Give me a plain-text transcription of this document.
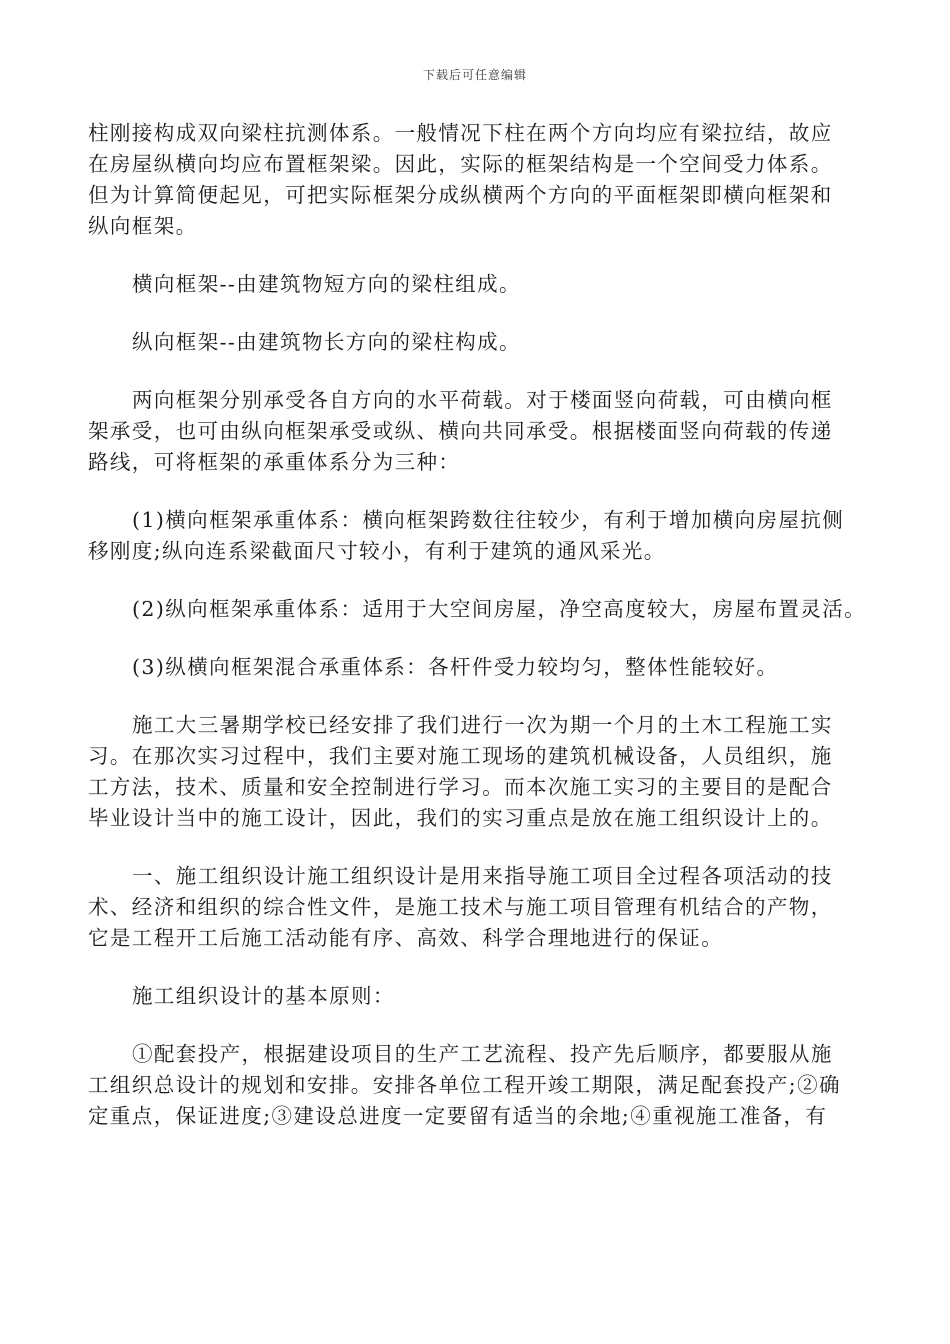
下载后可任意编辑
柱刚接构成双向梁柱抗测体系。一般情况下柱在两个方向均应有梁拉结，故应
在房屋纵横向均应布置框架梁。因此，实际的框架结构是一个空间受力体系。
但为计算简便起见，可把实际框架分成纵横两个方向的平面框架即横向框架和
纵向框架。
横向框架--由建筑物短方向的梁柱组成。
纵向框架--由建筑物长方向的梁柱构成。
两向框架分别承受各自方向的水平荷载。对于楼面竖向荷载，可由横向框
架承受，也可由纵向框架承受或纵、横向共同承受。根据楼面竖向荷载的传递
路线，可将框架的承重体系分为三种：
(1)横向框架承重体系：横向框架跨数往往较少，有利于增加横向房屋抗侧
移刚度;纵向连系梁截面尺寸较小，有利于建筑的通风采光。
(2)纵向框架承重体系：适用于大空间房屋，净空高度较大，房屋布置灵活。
(3)纵横向框架混合承重体系：各杆件受力较均匀，整体性能较好。
施工大三暑期学校已经安排了我们进行一次为期一个月的土木工程施工实
习。在那次实习过程中，我们主要对施工现场的建筑机械设备，人员组织，施
工方法，技术、质量和安全控制进行学习。而本次施工实习的主要目的是配合
毕业设计当中的施工设计，因此，我们的实习重点是放在施工组织设计上的。
一、施工组织设计施工组织设计是用来指导施工项目全过程各项活动的技
术、经济和组织的综合性文件，是施工技术与施工项目管理有机结合的产物，
它是工程开工后施工活动能有序、高效、科学合理地进行的保证。
施工组织设计的基本原则：
①配套投产，根据建设项目的生产工艺流程、投产先后顺序，都要服从施
工组织总设计的规划和安排。安排各单位工程开竣工期限，满足配套投产;②确
定重点，保证进度;③建设总进度一定要留有适当的余地;④重视施工准备，有
